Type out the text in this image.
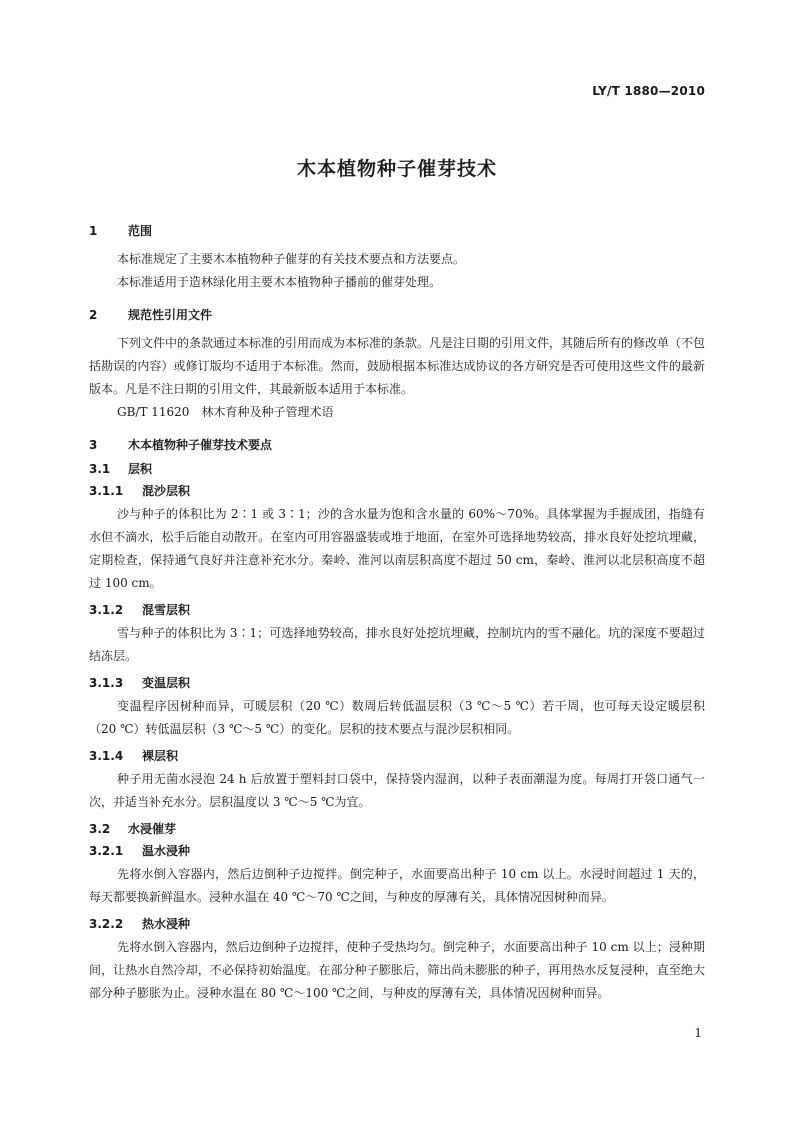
LY/T 1880—2010
木本植物种子催芽技术
1	范围

本标准规定了主要木本植物种子催芽的有关技术要点和方法要点。

本标准适用于造林绿化用主要木本植物种子播前的催芽处理。

2	规范性引用文件

下列文件中的条款通过本标准的引用而成为本标准的条款。凡是注日期的引用文件，其随后所有的修改单（不包括勘误的内容）或修订版均不适用于本标准。然而，鼓励根据本标准达成协议的各方研究是否可使用这些文件的最新版本。凡是不注日期的引用文件，其最新版本适用于本标准。

GB/T 11620　林木育种及种子管理术语

3	木本植物种子催芽技术要点
3.1 层积
3.1.1 混沙层积

沙与种子的体积比为 2∶1 或 3∶1；沙的含水量为饱和含水量的 60%～70%。具体掌握为手握成团，指缝有水但不滴水，松手后能自动散开。在室内可用容器盛装或堆于地面，在室外可选择地势较高，排水良好处挖坑埋藏，定期检查，保持通气良好并注意补充水分。秦岭、淮河以南层积高度不超过 50 cm，秦岭、淮河以北层积高度不超过 100 cm。

3.1.2 混雪层积

雪与种子的体积比为 3∶1；可选择地势较高，排水良好处挖坑埋藏，控制坑内的雪不融化。坑的深度不要超过结冻层。

3.1.3 变温层积

变温程序因树种而异，可暖层积（20 ℃）数周后转低温层积（3 ℃～5 ℃）若干周，也可每天设定暖层积（20 ℃）转低温层积（3 ℃～5 ℃）的变化。层积的技术要点与混沙层积相同。

3.1.4 裸层积

种子用无菌水浸泡 24 h 后放置于塑料封口袋中，保持袋内湿润，以种子表面潮湿为度。每周打开袋口通气一次，并适当补充水分。层积温度以 3 ℃～5 ℃为宜。

3.2 水浸催芽
3.2.1 温水浸种

先将水倒入容器内，然后边倒种子边搅拌。倒完种子，水面要高出种子 10 cm 以上。水浸时间超过 1 天的，每天都要换新鲜温水。浸种水温在 40 ℃～70 ℃之间，与种皮的厚薄有关，具体情况因树种而异。

3.2.2 热水浸种

先将水倒入容器内，然后边倒种子边搅拌，使种子受热均匀。倒完种子，水面要高出种子 10 cm 以上；浸种期间，让热水自然冷却，不必保持初始温度。在部分种子膨胀后，筛出尚未膨胀的种子，再用热水反复浸种，直至绝大部分种子膨胀为止。浸种水温在 80 ℃～100 ℃之间，与种皮的厚薄有关，具体情况因树种而异。

1
